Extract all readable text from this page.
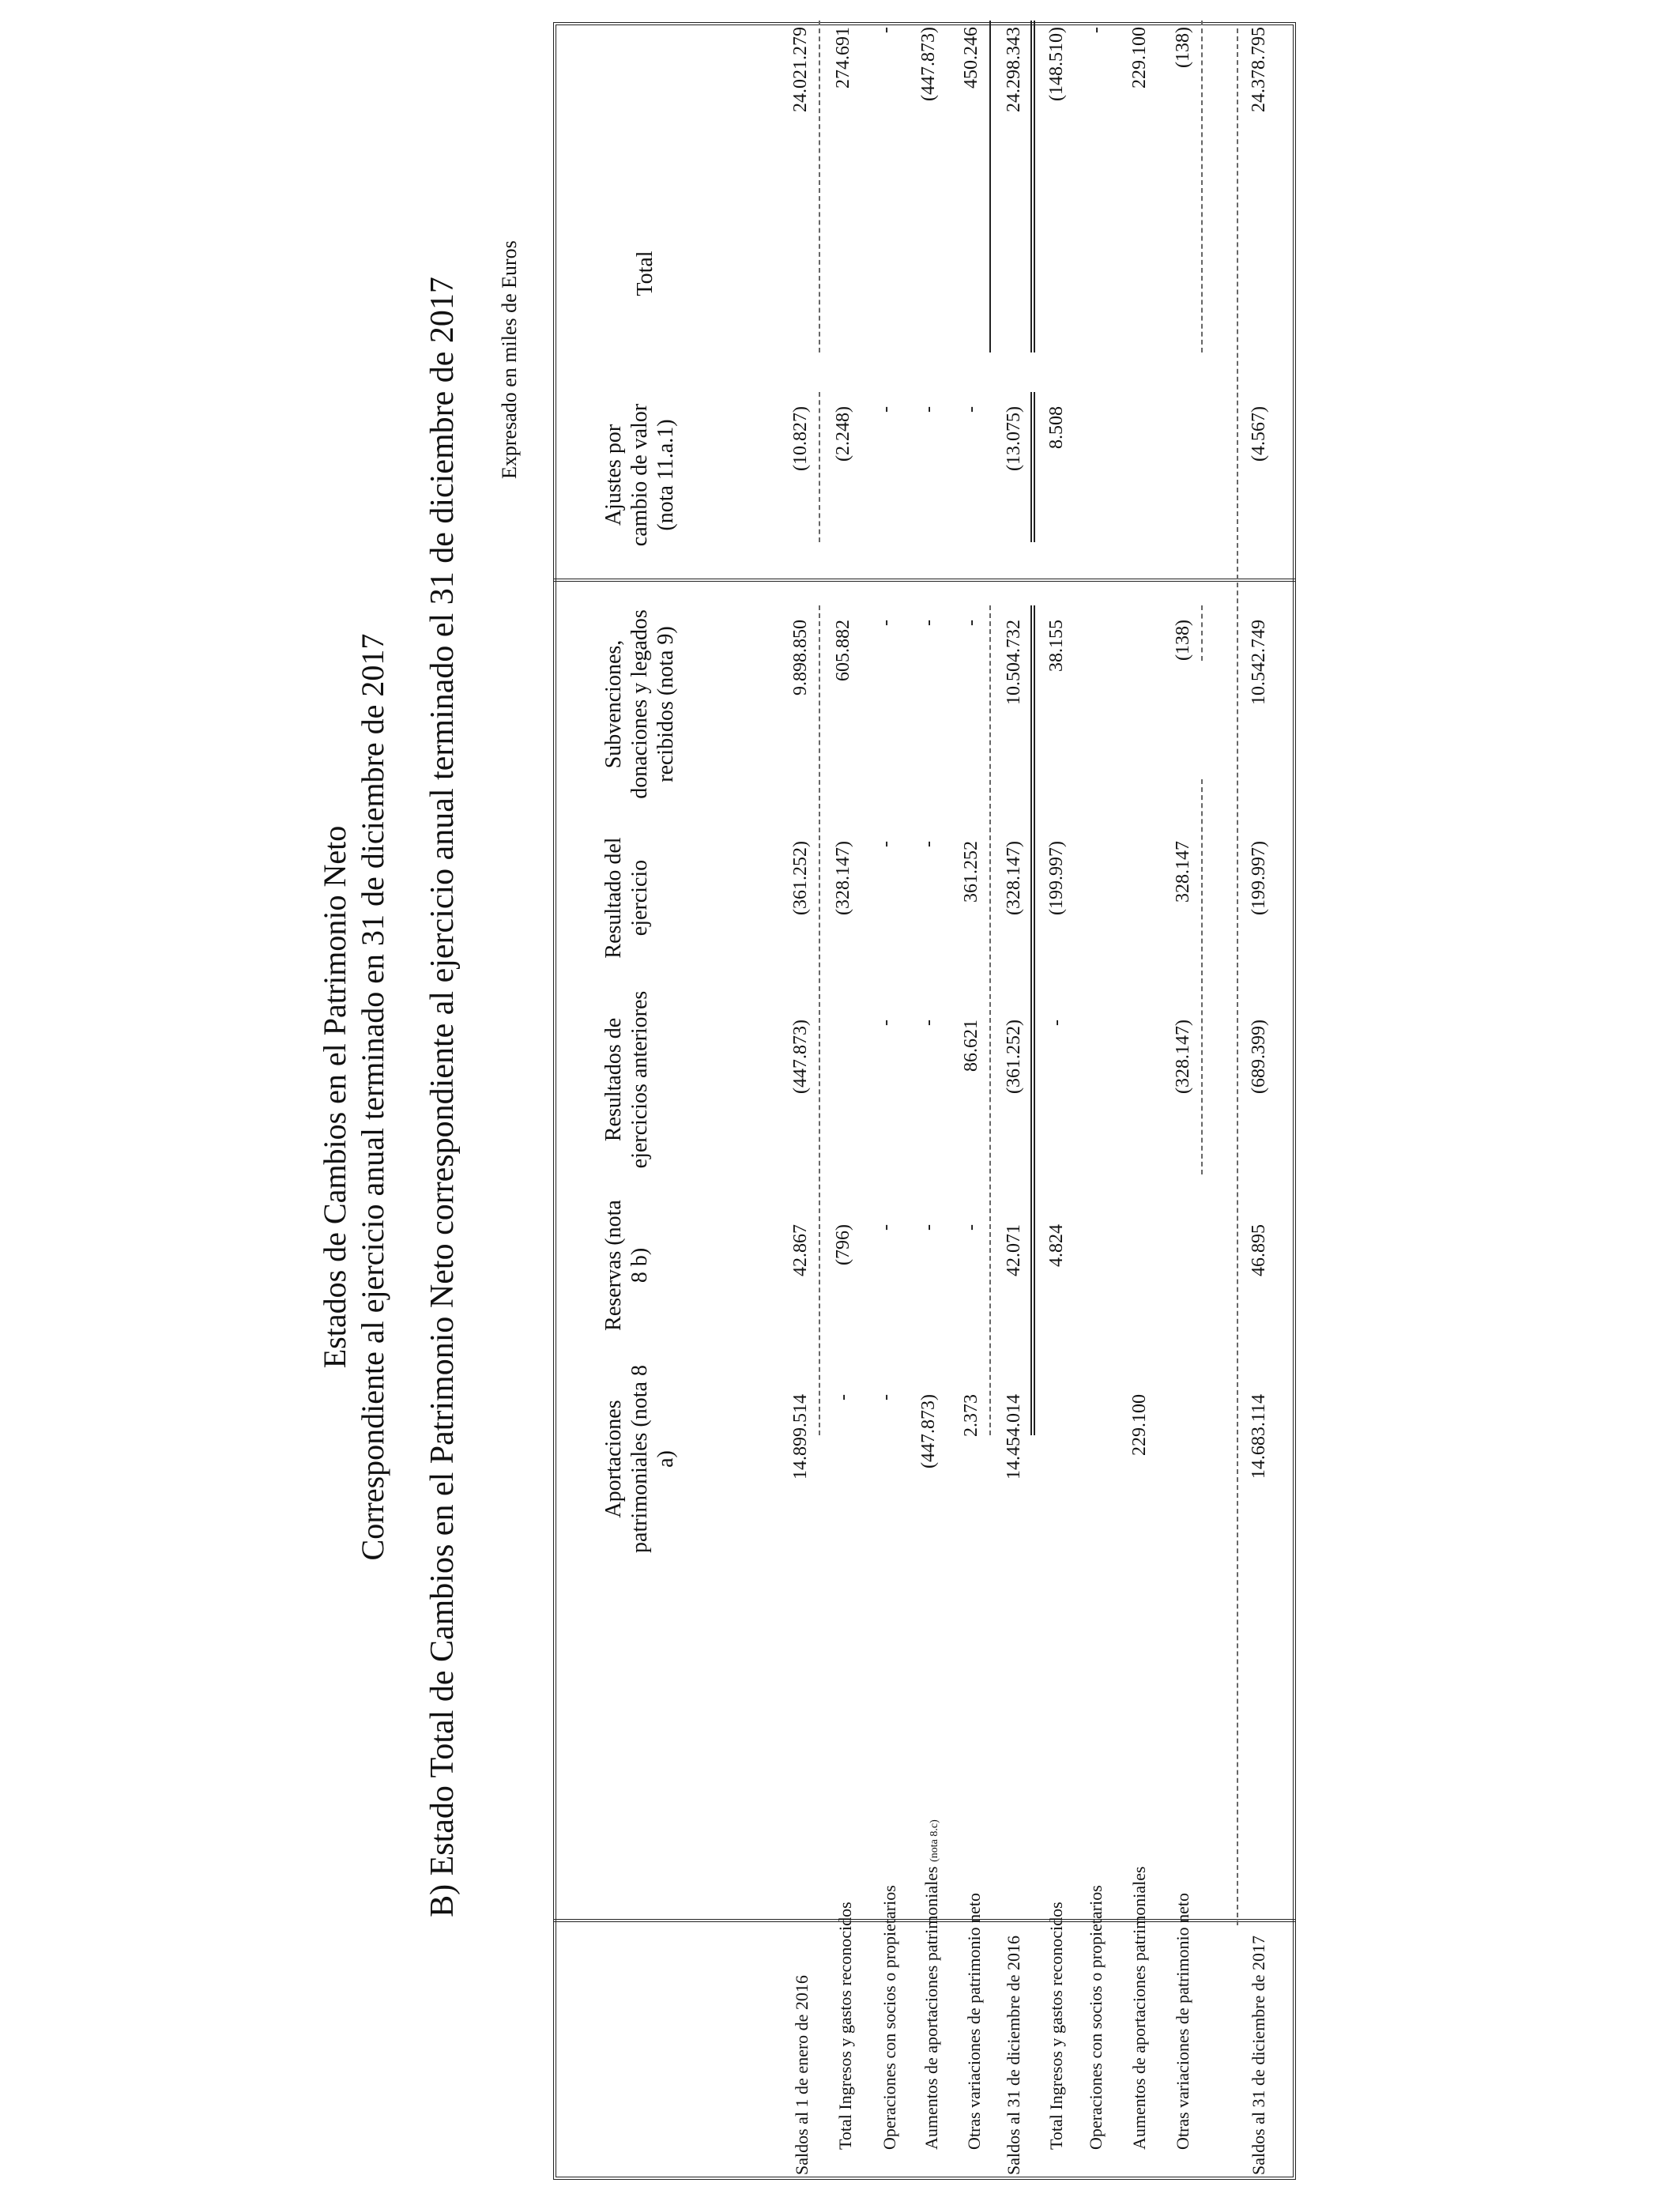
Estados de Cambios en el Patrimonio Neto Correspondiente al ejercicio anual terminado en 31 de diciembre de 2017 B) Estado Total de Cambios en el Patrimonio Neto correspondiente al ejercicio anual terminado el 31 de diciembre de 2017 Expresado en miles de Euros
Aportaciones patrimoniales (nota 8 a)
Reservas (nota 8 b)
Resultados de ejercicios anteriores
Resultado del ejercicio
Subvenciones, donaciones y legados recibidos (nota 9)
Ajustes por cambio de valor (nota 11.a.1)
Total
Saldos al 1 de enero de 2016 Total Ingresos y gastos reconocidos Operaciones con socios o propietarios Aumentos de aportaciones patrimoniales (nota 8.c)
Otras variaciones de patrimonio neto Saldos al 31 de diciembre de 2016 Total Ingresos y gastos reconocidos Operaciones con socios o propietarios Aumentos de aportaciones patrimoniales Otras variaciones de patrimonio neto	Saldos al 31 de diciembre de 2017
14.899.514
42.867
(447.873)
(361.252)
9.898.850
(10.827)
24.021.279
-
(796)
(328.147)
605.882
(2.248)
274.691
-
-
-
-
-
-
-
(447.873)
-
-
-
-
-
(447.873)
2.373
-
86.621
361.252
-
-
450.246
14.454.014
42.071
(361.252)
(328.147)
10.504.732
(13.075)
24.298.343
4.824
-
(199.997)
38.155
8.508
(148.510) -
229.100
229.100
(328.147)
328.147
(138)
(138)
14.683.114
46.895
(689.399)
(199.997)
10.542.749
(4.567)
24.378.795
